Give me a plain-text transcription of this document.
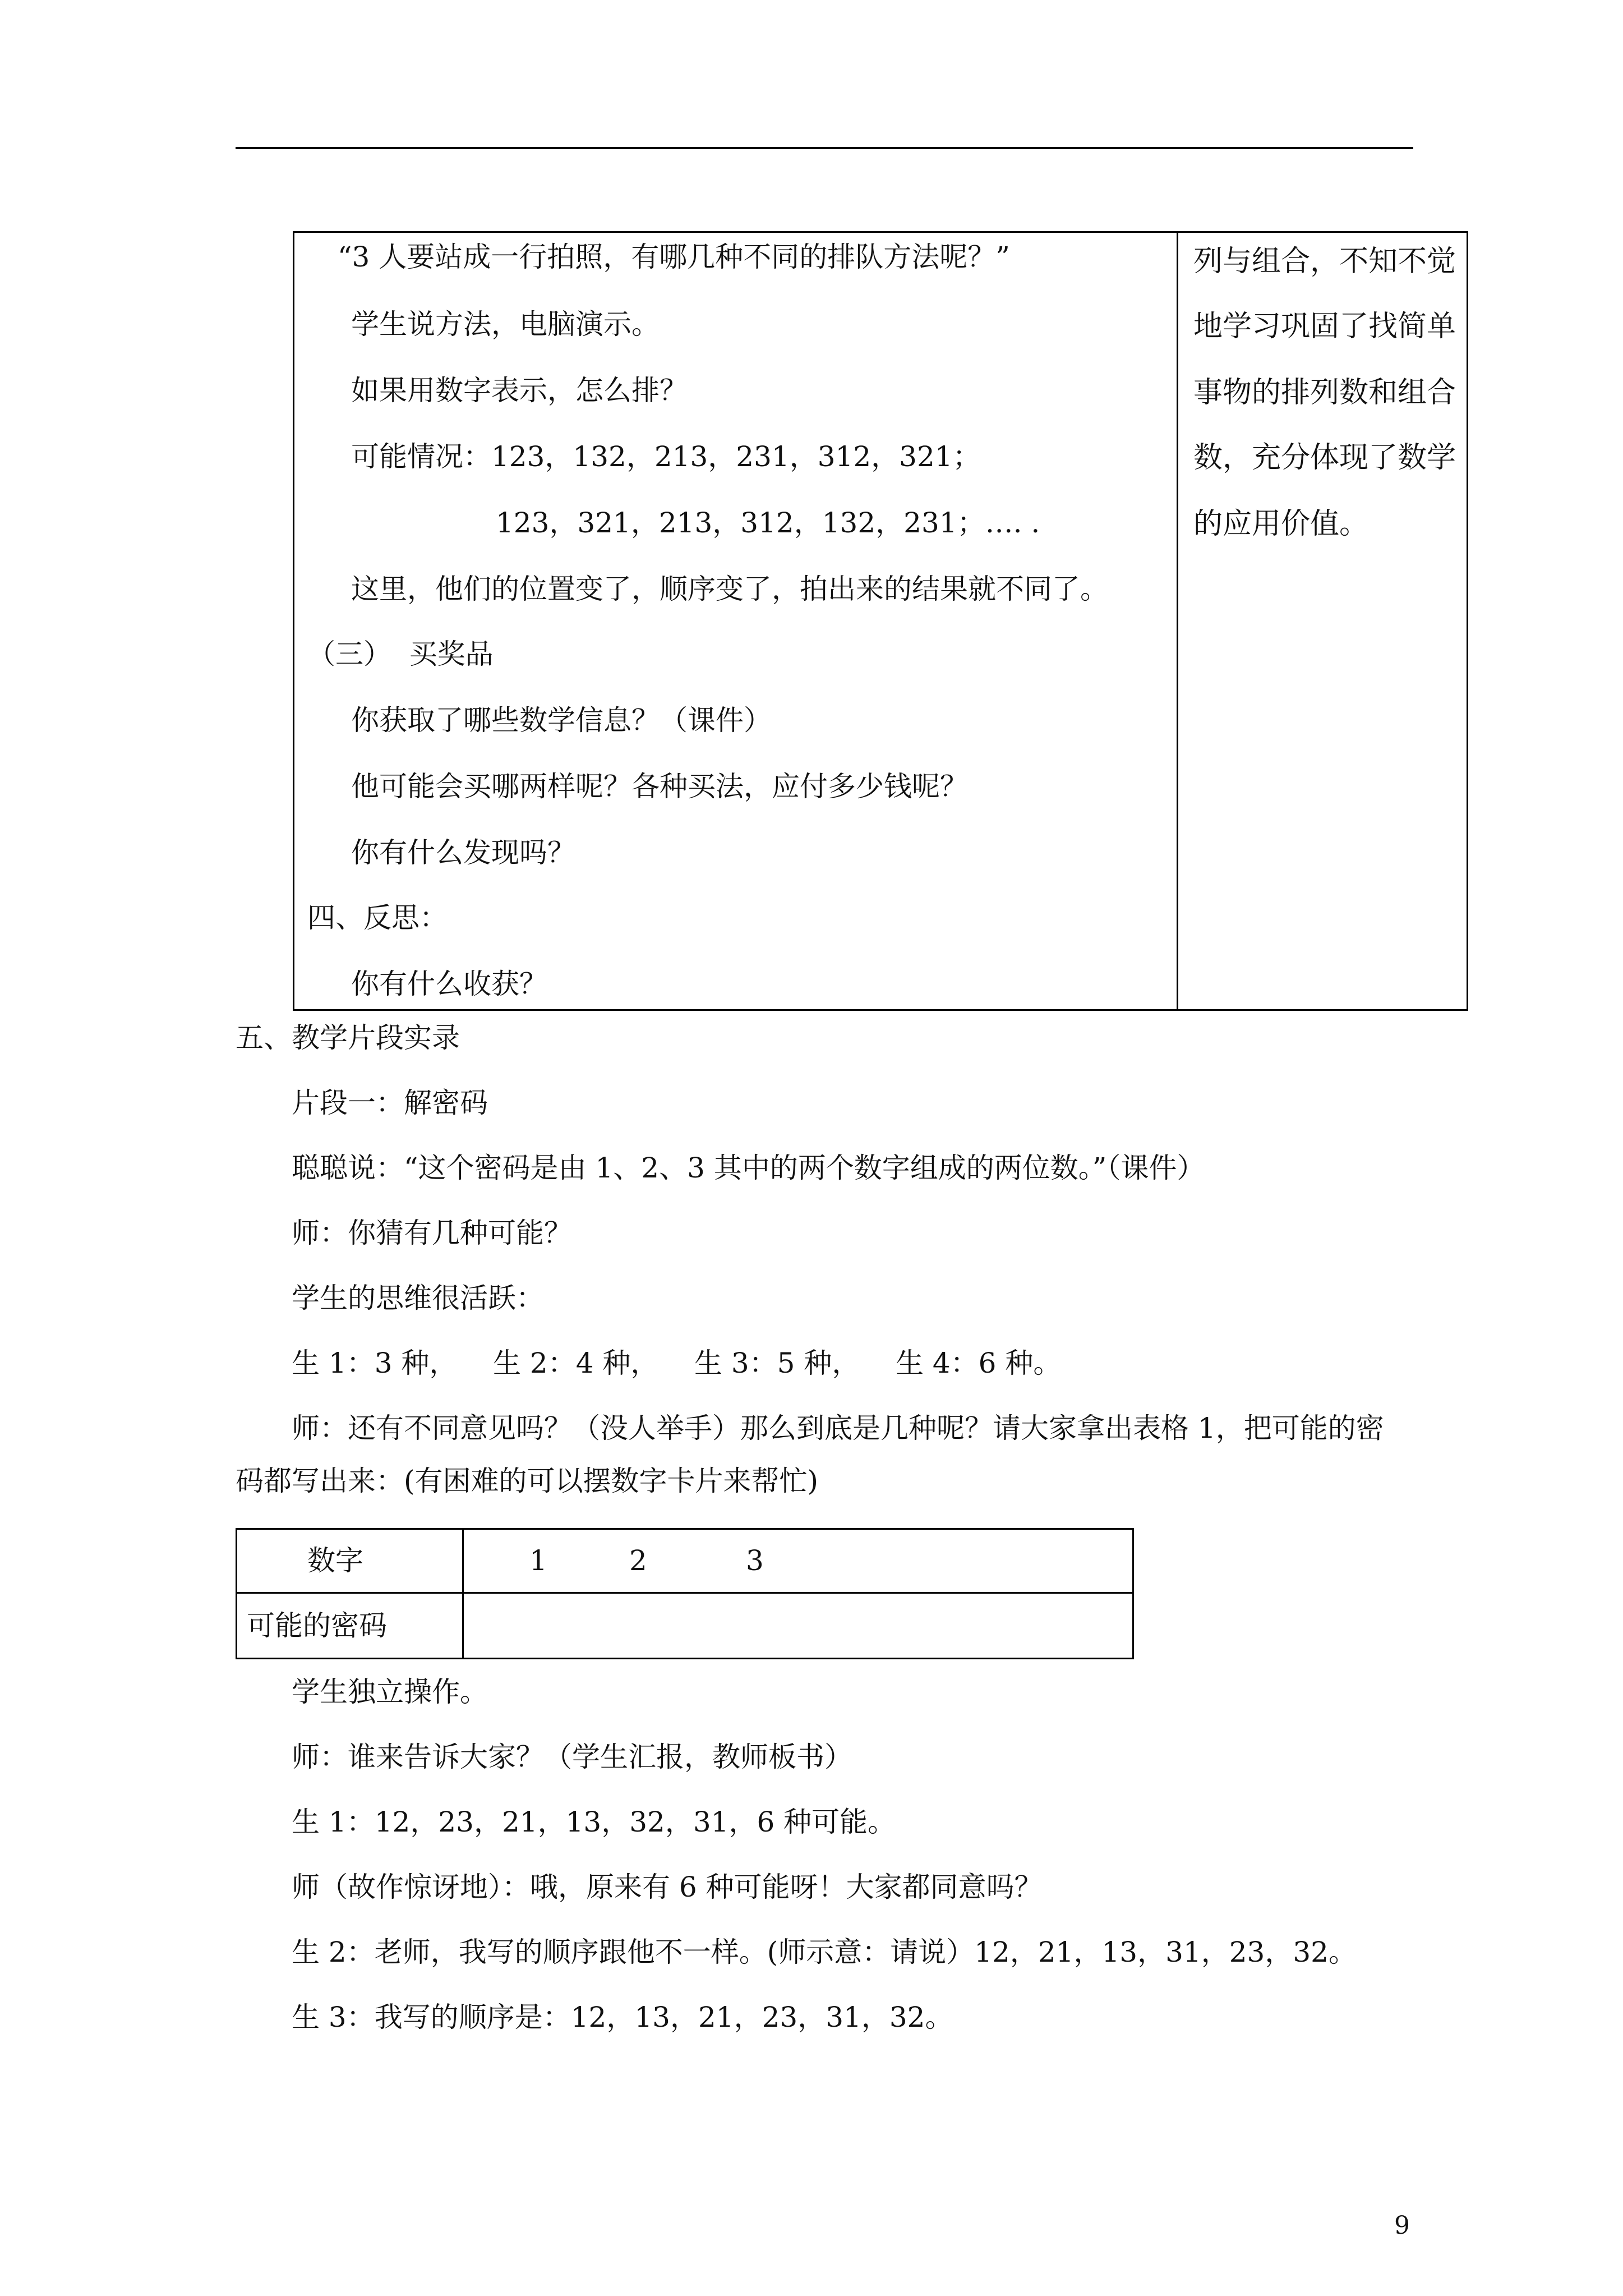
“3 人要站成一行拍照，有哪几种不同的排队方法呢？”
学生说方法，电脑演示。
如果用数字表示，怎么排？
可能情况：123，132，213，231，312，321；
123，321，213，312，132，231；…. .
这里，他们的位置变了，顺序变了，拍出来的结果就不同了。
（三）  买奖品
你获取了哪些数学信息？（课件）
他可能会买哪两样呢？各种买法，应付多少钱呢？
你有什么发现吗？
四、反思：
你有什么收获？
列与组合，不知不觉
地学习巩固了找简单
事物的排列数和组合
数，充分体现了数学
的应用价值。
五、教学片段实录
片段一：解密码
聪聪说：“这个密码是由 1、2、3 其中的两个数字组成的两位数。”（课件）
师：你猜有几种可能？
学生的思维很活跃：
生 1：3 种，    生 2：4 种，    生 3：5 种，    生 4：6 种。
师：还有不同意见吗？（没人举手）那么到底是几种呢？请大家拿出表格 1，把可能的密
码都写出来：(有困难的可以摆数字卡片来帮忙)
数字	1	2	3
可能的密码
学生独立操作。
师：谁来告诉大家？（学生汇报，教师板书）
生 1：12，23，21，13，32，31，6 种可能。
师（故作惊讶地）：哦，原来有 6 种可能呀！大家都同意吗？
生 2：老师，我写的顺序跟他不一样。(师示意：请说）12，21，13，31，23，32。
生 3：我写的顺序是：12，13，21，23，31，32。
9
